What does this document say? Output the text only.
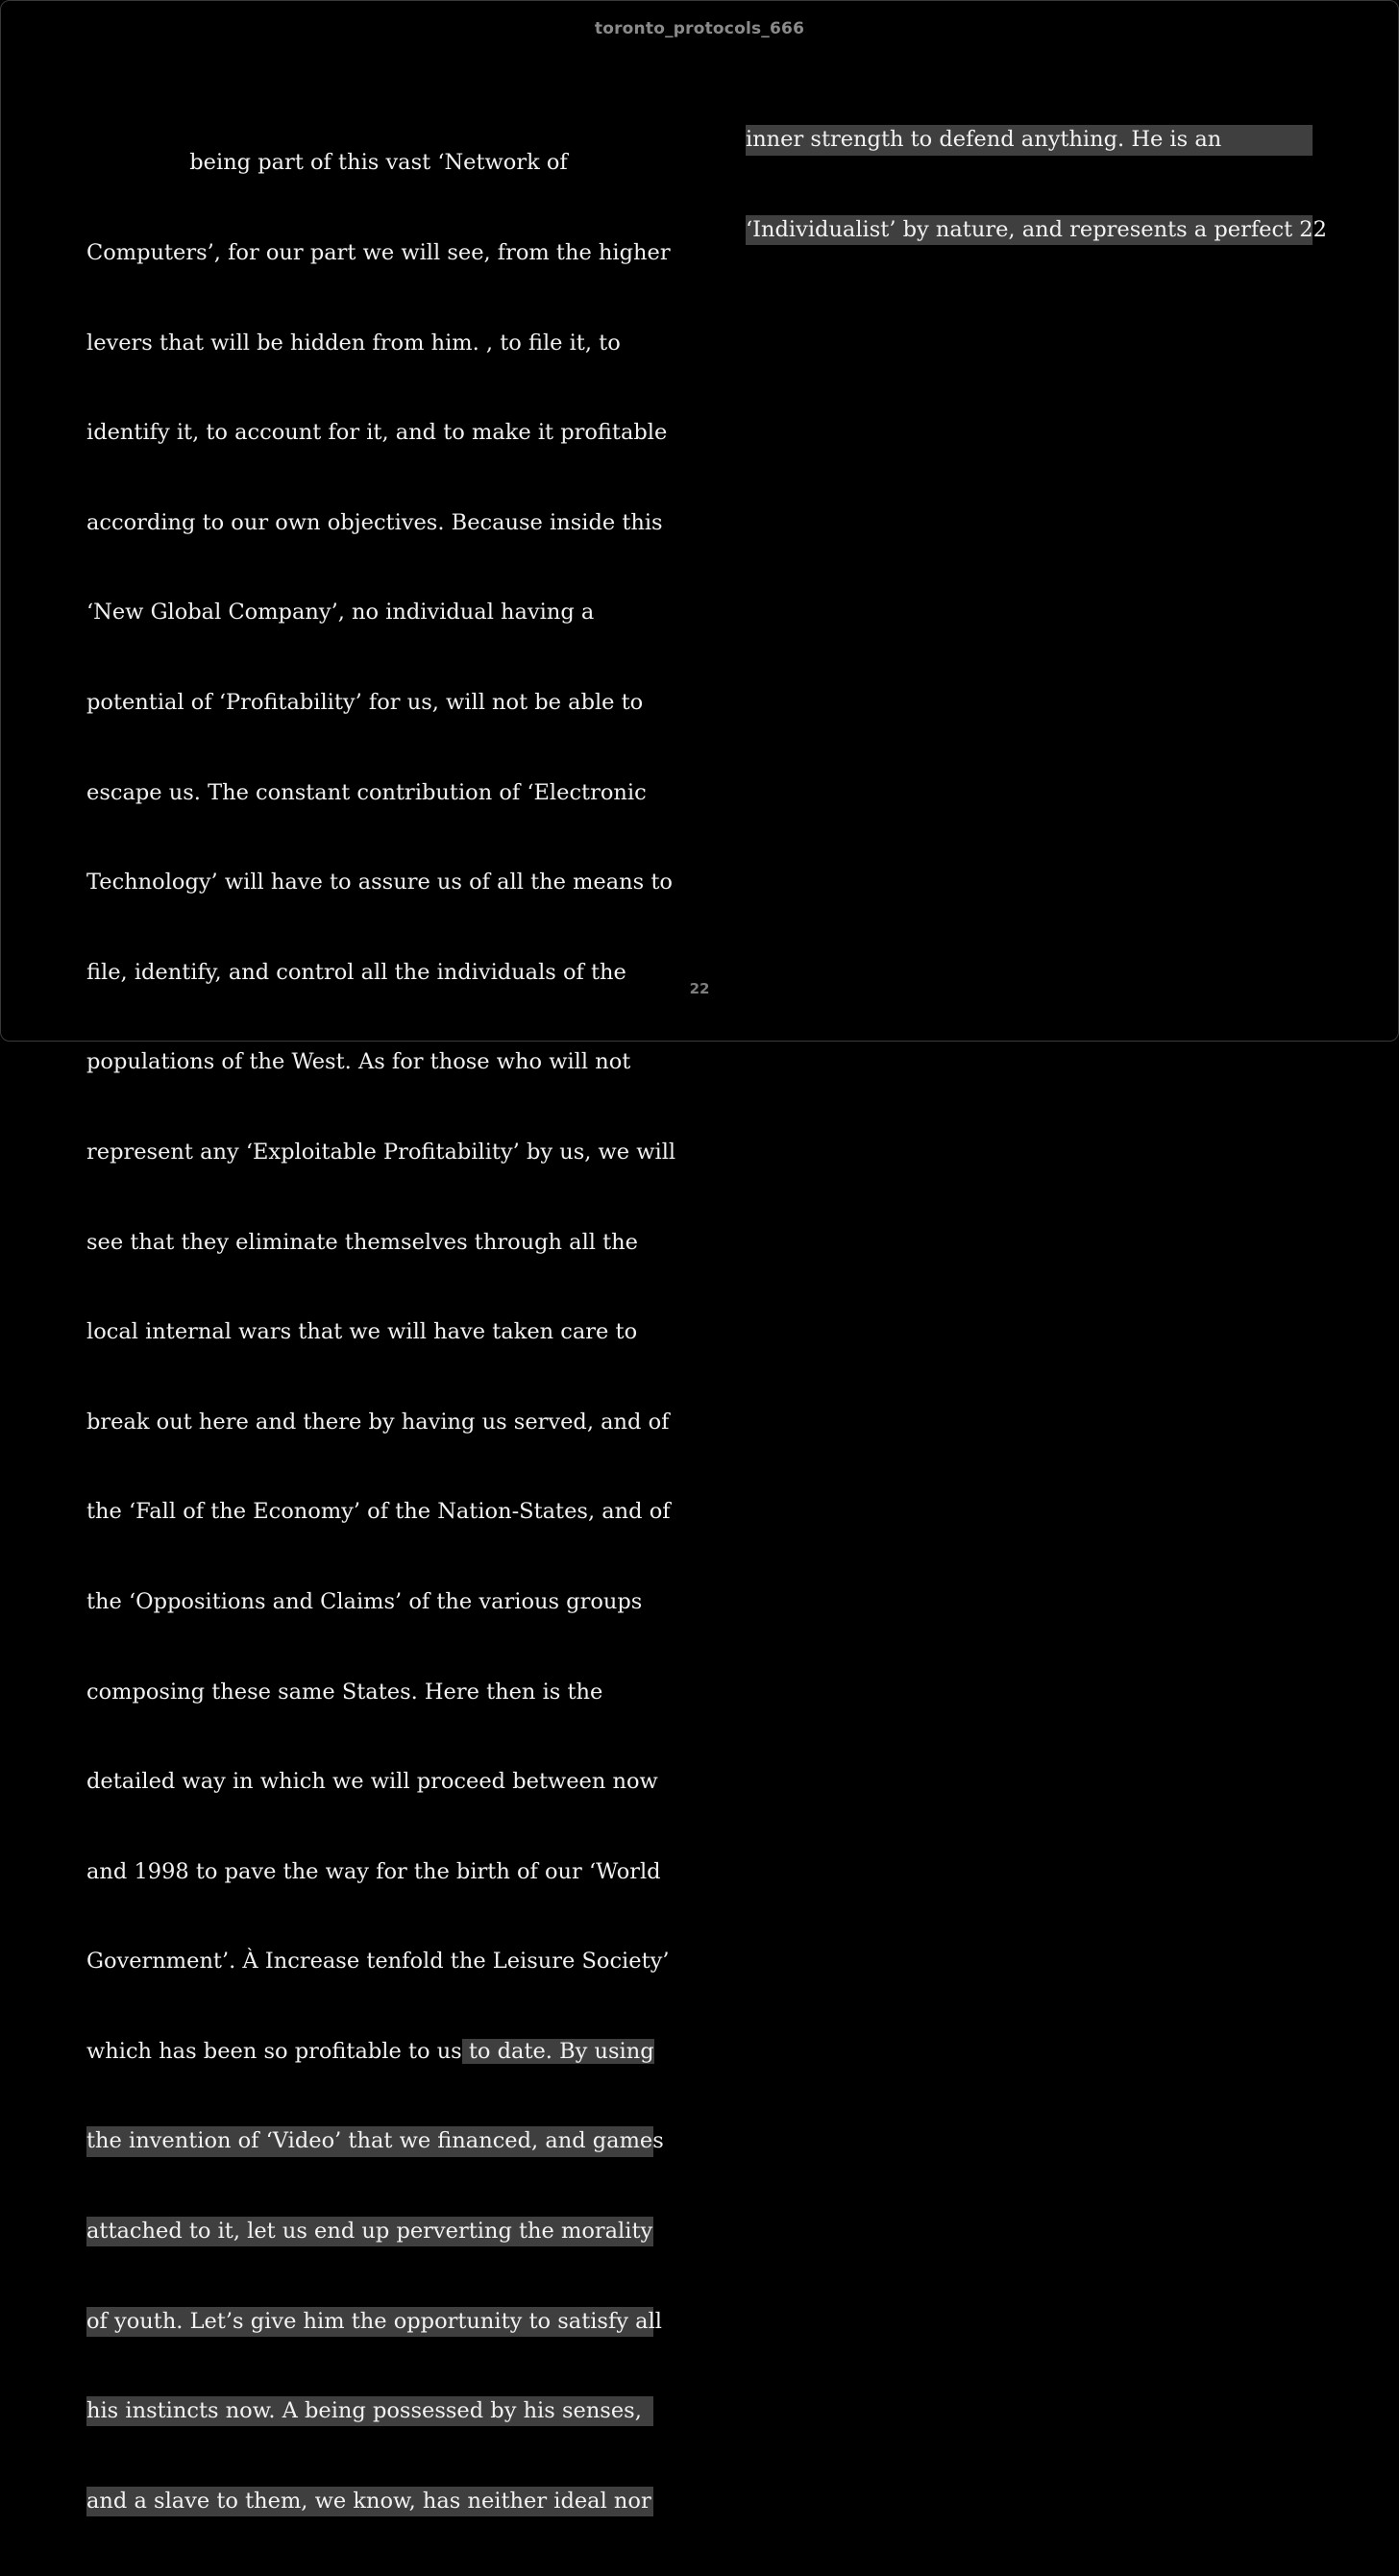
toronto_protocols_666

being part of this vast ‘Network of

Computers’, for our part we will see, from the higher

levers that will be hidden from him. , to file it, to

identify it, to account for it, and to make it profitable

according to our own objectives. Because inside this

‘New Global Company’, no individual having a

potential of ‘Profitability’ for us, will not be able to

escape us. The constant contribution of ‘Electronic

Technology’ will have to assure us of all the means to

file, identify, and control all the individuals of the

populations of the West. As for those who will not

represent any ‘Exploitable Profitability’ by us, we will

see that they eliminate themselves through all the

local internal wars that we will have taken care to

break out here and there by having us served, and of

the ‘Fall of the Economy’ of the Nation-States, and of

the ‘Oppositions and Claims’ of the various groups

composing these same States. Here then is the

detailed way in which we will proceed between now

and 1998 to pave the way for the birth of our ‘World

Government’. À Increase tenfold the Leisure Society’

which has been so profitable to us to date. By using

the invention of ‘Video’ that we financed, and games

attached to it, let us end up perverting the morality

of youth. Let’s give him the opportunity to satisfy all

his instincts now. A being possessed by his senses,

and a slave to them, we know, has neither ideal nor

inner strength to defend anything. He is an

‘Individualist’ by nature, and represents a perfect 22

22
